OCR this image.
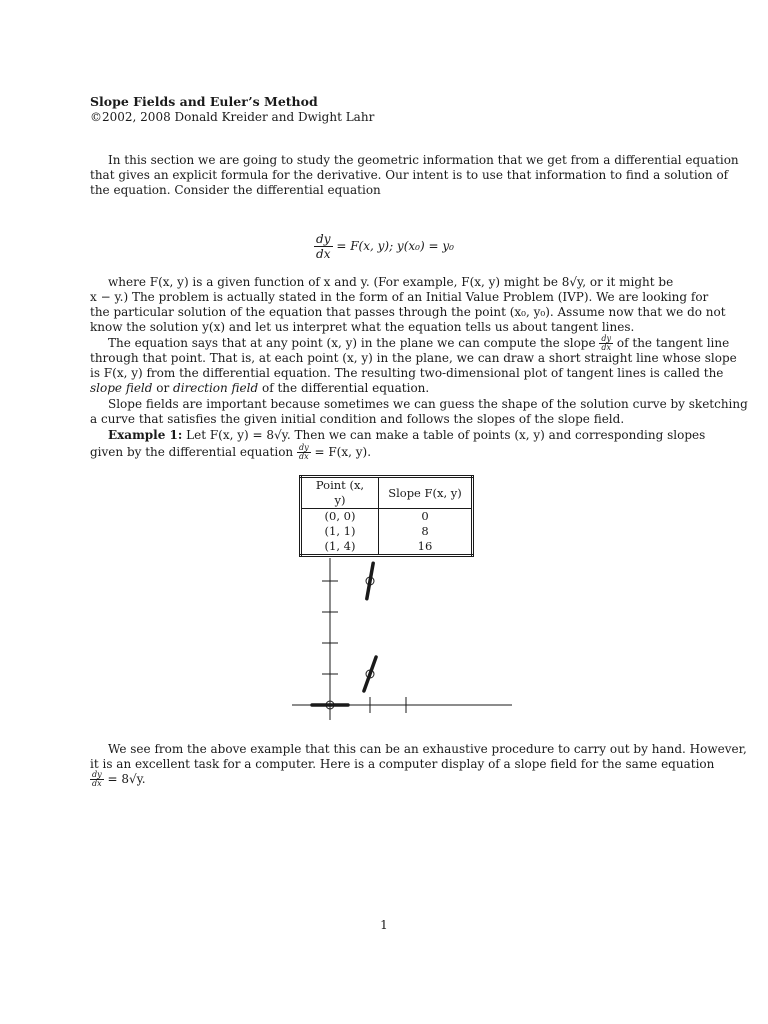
Slope Fields and Euler’s Method
©2002, 2008 Donald Kreider and Dwight Lahr
In this section we are going to study the geometric information that we get from a differential equation
that gives an explicit formula for the derivative. Our intent is to use that information to find a solution of
the equation. Consider the differential equation
$\frac{dy}{dx} = F(x$, y); y(x₀) = y₀
where F(x, y) is a given function of x and y. (For example, F(x, y) might be 8√y, or it might be
x − y.) The problem is actually stated in the form of an Initial Value Problem (IVP). We are looking for
the particular solution of the equation that passes through the point (x₀, y₀). Assume now that we do not
know the solution y(x) and let us interpret what the equation tells us about tangent lines.
The equation says that at any point (x, y) in the plane we can compute the slope $\frac{dy}{dx}$ of the tangent line
through that point. That is, at each point (x, y) in the plane, we can draw a short straight line whose slope
is F(x, y) from the differential equation. The resulting two-dimensional plot of tangent lines is called the
slope field or direction field of the differential equation.
Slope fields are important because sometimes we can guess the shape of the solution curve by sketching
a curve that satisfies the given initial condition and follows the slopes of the slope field.
Example 1: Let F(x, y) = 8√y. Then we can make a table of points (x, y) and corresponding slopes
given by the differential equation $\frac{dy}{dx} = F(x$, y).
Point (x, y)	Slope F(x, y)
(0, 0)	0
(1, 1)	8
(1, 4)	16
We see from the above example that this can be an exhaustive procedure to carry out by hand. However,
it is an excellent task for a computer. Here is a computer display of a slope field for the same equation
$\frac{dy}{dx} = 8√y$.
1
